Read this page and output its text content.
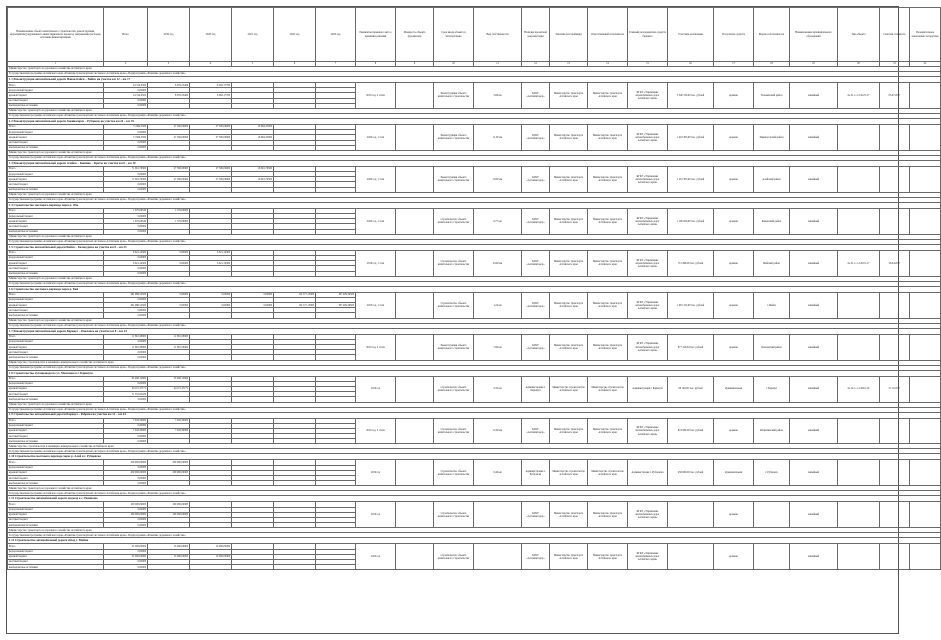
Наименование объекта капитального строительства, реконструкции, мероприятия (укрупненного инвестиционного проекта), направления расходов, источник финансирования	Итого	2019 год	2020 год	2021 год	2022 год	2023 год	Реквизиты правового акта о принятии решения	Мощность объекта (проектная)	Срок ввода объекта в эксплуатацию	Вид собственности	Наличие проектной документации	Заказчик (застройщик)	Ответственный исполнитель	Главный распорядитель средств бюджета	Участник реализации	Получатель средств	Форма собственности	Наименование муниципального образования	Тип объекта	Сметная стоимость	Положительное заключение экспертизы
1	2	3	4	5	6	7	8	9	10	11	12	13	14	15	16	17	18	19	20	21	22
Министерство транспорта и дорожного хозяйства Алтайского края																					
Государственная программа Алтайского края «Развитие транспортной системы в Алтайском крае». Подпрограмма «Развитие дорожного хозяйства»																					
1.1 Реконструкция автомобильной дороги Новоалтайск – Бийск на участке км 12 – км 17																					
Всего	24 314,0500	8 076,25400	8 082,17700				2019 год, 2 этапа		Реконструкция объекта капитального строительства	5,69 км	КГКУ «Алтайавтодор»	Министерство транспорта Алтайского края	Министерство транспорта Алтайского края	КГКУ «Управление автомобильных дорог Алтайского края»	3 340 530,00 тыс. рублей	краевая	Тальменский район	линейный	№ 01-1-1-3-0125-17	03.07.2017	
федеральный бюджет	0,00000																				
краевой бюджет	24 314,0500	8 076,25400	8 082,17700																		
местный бюджет	0,00000																				
внебюджетные источники	0,00000																				
Министерство транспорта и дорожного хозяйства Алтайского края																					
Государственная программа Алтайского края «Развитие транспортной системы в Алтайском крае». Подпрограмма «Развитие дорожного хозяйства»																					
1.2 Реконструкция автомобильной дороги Змеиногорск – Рубцовск на участке км 24 – км 35																					
Всего	71 664,3500	27 500,00000	27 500,00000	16 664,35000			2020 год, 1 этап		Реконструкция объекта капитального строительства	11,00 км	КГКУ «Алтайавтодор»	Министерство транспорта Алтайского края	Министерство транспорта Алтайского края	КГКУ «Управление автомобильных дорог Алтайского края»	1 419 303,00 тыс. рублей	краевая	Змеиногорский район	линейный			
федеральный бюджет	0,00000																				
краевой бюджет	71 664,3500	27 500,00000	27 500,00000	16 664,35000																	
местный бюджет	0,00000																				
внебюджетные источники	0,00000																				
Министерство транспорта и дорожного хозяйства Алтайского края																					
Государственная программа Алтайского края «Развитие транспортной системы в Алтайском крае». Подпрограмма «Развитие дорожного хозяйства»																					
1.3 Реконструкция автомобильной дороги Алейск – Кашино – Кроты на участке км 0 – км 10																					
Всего	71 661,79300	27 500,00000	27 500,00000	16 661,79300			2020 год, 1 этап		Реконструкция объекта капитального строительства	10,00 км	КГКУ «Алтайавтодор»	Министерство транспорта Алтайского края	Министерство транспорта Алтайского края	КГКУ «Управление автомобильных дорог Алтайского края»	1 419 303,00 тыс. рублей	краевая	Алейский район	линейный			
федеральный бюджет	0,00000																				
краевой бюджет	71 661,79300	27 500,00000	27 500,00000	16 661,79300																	
местный бюджет	0,00000																				
внебюджетные источники	0,00000																				
Министерство транспорта и дорожного хозяйства Алтайского края																					
Государственная программа Алтайского края «Развитие транспортной системы в Алтайском крае». Подпрограмма «Развитие дорожного хозяйства»																					
1.4 Строительство мостового перехода через р. Обь																					
Всего	1 870,09540	1 370,00000					2020 год, 1 этап		Строительство объекта капитального строительства	0,77 км	КГКУ «Алтайавтодор»	Министерство транспорта Алтайского края	Министерство транспорта Алтайского края	КГКУ «Управление автомобильных дорог Алтайского края»	1 100 000,00 тыс. рублей	краевая	Каменский район	линейный			
федеральный бюджет	0,00000																				
краевой бюджет	1 870,09540	1 370,00000																			
местный бюджет	0,00000																				
внебюджетные источники	0,00000																				
Министерство транспорта и дорожного хозяйства Алтайского края																					
Государственная программа Алтайского края «Развитие транспортной системы в Алтайском крае». Подпрограмма «Развитие дорожного хозяйства»																					
1.5 Строительство автомобильной дороги Бийск – Белокуриха на участке км 0 – км 23																					
Всего	6 621,14300	0,00000	6 621,14300				2019 год, 1 этап		Строительство объекта капитального строительства	23,00 км	КГКУ «Алтайавтодор»	Министерство транспорта Алтайского края	Министерство транспорта Алтайского края	КГКУ «Управление автомобильных дорог Алтайского края»	712 496,00 тыс. рублей	краевая	Бийский район	линейный	№ 01-1-1-3-0101-17	28.04.2017	
федеральный бюджет	0,00000																				
краевой бюджет	6 621,14300	0,00000	6 621,14300																		
местный бюджет	0,00000																				
внебюджетные источники	0,00000																				
Министерство транспорта и дорожного хозяйства Алтайского края																					
Государственная программа Алтайского края «Развитие транспортной системы в Алтайском крае». Подпрограмма «Развитие дорожного хозяйства»																					
1.6 Строительство мостового перехода через р. Бия																					
Всего	461 986,52500	0,00000	0,00000	0,00000	154 577,13000	307 409,39500	2023 год, 1 этап		Строительство объекта капитального строительства	1,24 км	КГКУ «Алтайавтодор»	Министерство транспорта Алтайского края	Министерство транспорта Алтайского края	КГКУ «Управление автомобильных дорог Алтайского края»	1 981 152,00 тыс. рублей	краевая	г. Бийск	линейный			
федеральный бюджет	0,00000																				
краевой бюджет	461 986,52500	0,00000	0,00000	0,00000	154 577,13000	307 409,39500															
местный бюджет	0,00000																				
внебюджетные источники	0,00000																				
Министерство транспорта и дорожного хозяйства Алтайского края																					
Государственная программа Алтайского края «Развитие транспортной системы в Алтайском крае». Подпрограмма «Развитие дорожного хозяйства»																					
1.7 Реконструкция автомобильной дороги Барнаул – Павловск на участке км 8 – км 24																					
Всего	11 861,58000	11 861,58000					2019 год, 2 этапа		Реконструкция объекта капитального строительства	7,90 км	КГКУ «Алтайавтодор»	Министерство транспорта Алтайского края	Министерство транспорта Алтайского края	КГКУ «Управление автомобильных дорог Алтайского края»	677 416,64 тыс. рублей	краевая	Павловский район	линейный			
федеральный бюджет	0,00000																				
краевой бюджет	11 861,58000	11 861,58000																			
местный бюджет	0,00000																				
внебюджетные источники	0,00000																				
Министерство строительства и жилищно-коммунального хозяйства Алтайского края																					
Государственная программа Алтайского края «Развитие транспортной системы в Алтайском крае». Подпрограмма «Развитие дорожного хозяйства»																					
1.8 Строительство путепровода по ул. Малахова в г. Барнауле																					
Всего	95 468,12600	23 468,12600					2019 год		Строительство объекта капитального строительства	0,33 км	Администрация г. Барнаула	Министерство строительства Алтайского края	Министерство строительства Алтайского края	Администрация г. Барнаула	98 146,00 тыс. рублей	муниципальная	г. Барнаул	линейный	№ 22-1-1-3-0261-16	27.10.2017	
федеральный бюджет	0,00000																				
краевой бюджет	24 115,17171	24 115,17171																			
местный бюджет	71 352,95429																				
внебюджетные источники	0,00000																				
Министерство транспорта и дорожного хозяйства Алтайского края																					
Государственная программа Алтайского края «Развитие транспортной системы в Алтайском крае». Подпрограмма «Развитие дорожного хозяйства»																					
1.9 Строительство автомобильной дороги Барнаул – Ребриха на участке км 12 – км 24																					
Всего	7 943,30000	7 943,30000					2019 год, 2 этапа		Строительство объекта капитального строительства	12,00 км	КГКУ «Алтайавтодор»	Министерство транспорта Алтайского края	Министерство транспорта Алтайского края	КГКУ «Управление автомобильных дорог Алтайского края»	874 800,00 тыс. рублей	краевая	Ребрихинский район	линейный			
федеральный бюджет	0,00000																				
краевой бюджет	7 943,30000	7 943,30000																			
местный бюджет	0,00000																				
внебюджетные источники	0,00000																				
Министерство строительства и жилищно-коммунального хозяйства Алтайского края																					
Государственная программа Алтайского края «Развитие транспортной системы в Алтайском крае». Подпрограмма «Развитие дорожного хозяйства»																					
1.10 Строительство мостового перехода через р. Алей в г. Рубцовске																					
Всего	459 900,00000	459 900,00000					2019 год		Строительство объекта капитального строительства	0,40 км	Администрация г. Рубцовска	Министерство строительства Алтайского края	Министерство строительства Алтайского края	Администрация г. Рубцовска	459 900,00 тыс. рублей	муниципальная	г. Рубцовск	линейный			
федеральный бюджет	0,00000																				
краевой бюджет	459 900,00000	459 900,00000																			
местный бюджет	0,00000																				
внебюджетные источники	0,00000																				
Министерство транспорта и дорожного хозяйства Алтайского края																					
Государственная программа Алтайского края «Развитие транспортной системы в Алтайском крае». Подпрограмма «Развитие дорожного хозяйства»																					
1.11 Строительство автомобильной дороги подъезд к с. Новиково																					
Всего	100 000,00000	100 000,00000					2019 год		Строительство объекта капитального строительства		КГКУ «Алтайавтодор»	Министерство транспорта Алтайского края	Министерство транспорта Алтайского края	КГКУ «Управление автомобильных дорог Алтайского края»		краевая		линейный			
федеральный бюджет	0,00000																				
краевой бюджет	100 000,00000	100 000,00000																			
местный бюджет	0,00000																				
внебюджетные источники	0,00000																				
Министерство транспорта и дорожного хозяйства Алтайского края																					
Государственная программа Алтайского края «Развитие транспортной системы в Алтайском крае». Подпрограмма «Развитие дорожного хозяйства»																					
1.12 Строительство автомобильной дороги обход с. Майма																					
Всего	25 000,00000	15 000,00000	10 000,00000				2020 год		Строительство объекта капитального строительства		КГКУ «Алтайавтодор»	Министерство транспорта Алтайского края	Министерство транспорта Алтайского края	КГКУ «Управление автомобильных дорог Алтайского края»		краевая		линейный			
федеральный бюджет	0,00000																				
краевой бюджет	25 000,00000	15 000,00000	10 000,00000																		
местный бюджет	0,00000																				
внебюджетные источники	0,00000																				
